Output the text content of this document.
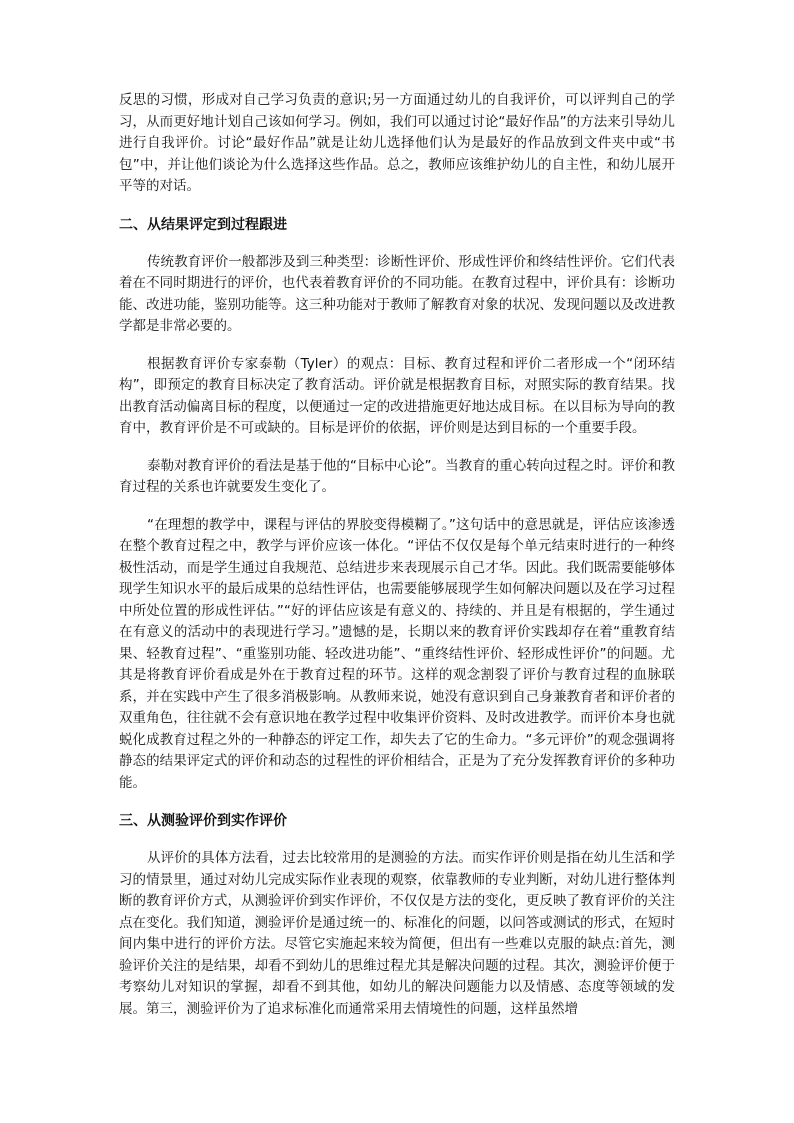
反思的习惯，形成对自己学习负责的意识;另一方面通过幼儿的自我评价，可以评判自己的学习，从而更好地计划自己该如何学习。例如，我们可以通过讨论“最好作品”的方法来引导幼儿进行自我评价。讨论“最好作品”就是让幼儿选择他们认为是最好的作品放到文件夹中或“书包”中，并让他们谈论为什么选择这些作品。总之，教师应该维护幼儿的自主性，和幼儿展开平等的对话。

二、从结果评定到过程跟进

传统教育评价一般都涉及到三种类型：诊断性评价、形成性评价和终结性评价。它们代表着在不同时期进行的评价，也代表着教育评价的不同功能。在教育过程中，评价具有：诊断功能、改进功能，鉴别功能等。这三种功能对于教师了解教育对象的状况、发现问题以及改进教学都是非常必要的。

根据教育评价专家泰勒（Tyler）的观点：目标、教育过程和评价二者形成一个“闭环结构”，即预定的教育目标决定了教育活动。评价就是根据教育目标，对照实际的教育结果。找出教育活动偏离目标的程度，以便通过一定的改进措施更好地达成目标。在以目标为导向的教育中，教育评价是不可或缺的。目标是评价的依据，评价则是达到目标的一个重要手段。

泰勒对教育评价的看法是基于他的“目标中心论”。当教育的重心转向过程之时。评价和教育过程的关系也许就要发生变化了。

“在理想的教学中，课程与评估的界胶变得模糊了。”这句话中的意思就是，评估应该渗透在整个教育过程之中，教学与评价应该一体化。“评估不仅仅是每个单元结束时进行的一种终极性活动，而是学生通过自我规范、总结进步来表现展示自己才华。因此。我们既需要能够体现学生知识水平的最后成果的总结性评估，也需要能够展现学生如何解决问题以及在学习过程中所处位置的形成性评估。”“好的评估应该是有意义的、持续的、并且是有根据的，学生通过在有意义的活动中的表现进行学习。”遗憾的是，长期以来的教育评价实践却存在着“重教育结果、轻教育过程”、“重鉴别功能、轻改进功能”、“重终结性评价、轻形成性评价”的问题。尤其是将教育评价看成是外在于教育过程的环节。这样的观念割裂了评价与教育过程的血脉联系，并在实践中产生了很多消极影响。从教师来说，她没有意识到自己身兼教育者和评价者的双重角色，往往就不会有意识地在教学过程中收集评价资料、及时改进教学。而评价本身也就蜕化成教育过程之外的一种静态的评定工作，却失去了它的生命力。“多元评价”的观念强调将静态的结果评定式的评价和动态的过程性的评价相结合，正是为了充分发挥教育评价的多种功能。

三、从测验评价到实作评价

从评价的具体方法看，过去比较常用的是测验的方法。而实作评价则是指在幼儿生活和学习的情景里，通过对幼儿完成实际作业表现的观察，依靠教师的专业判断，对幼儿进行整体判断的教育评价方式，从测验评价到实作评价，不仅仅是方法的变化，更反映了教育评价的关注点在变化。我们知道，测验评价是通过统一的、标准化的问题，以问答或测试的形式，在短时间内集中进行的评价方法。尽管它实施起来较为简便，但出有一些难以克服的缺点:首先，测验评价关注的是结果，却看不到幼儿的思维过程尤其是解决问题的过程。其次，测验评价便于考察幼儿对知识的掌握，却看不到其他，如幼儿的解决问题能力以及情感、态度等领域的发展。第三，测验评价为了追求标准化而通常采用去情境性的问题，这样虽然增
